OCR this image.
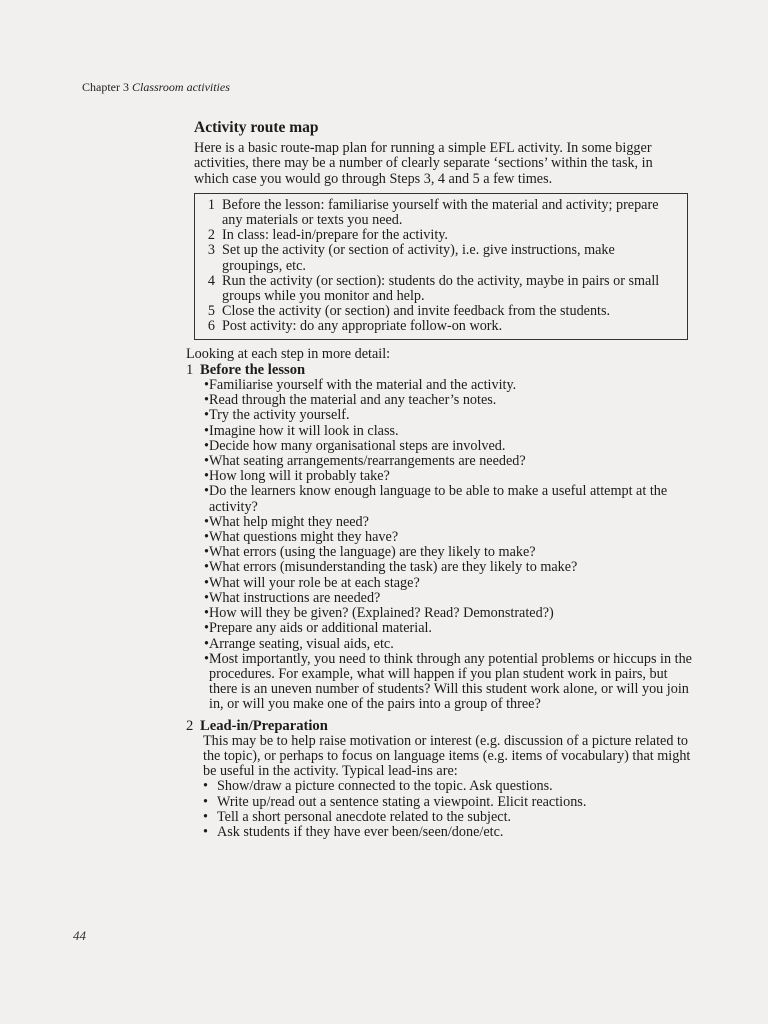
Chapter 3 Classroom activities
Activity route map

Here is a basic route-map plan for running a simple EFL activity. In some bigger activities, there may be a number of clearly separate ‘sections’ within the task, in which case you would go through Steps 3, 4 and 5 a few times.

1 Before the lesson: familiarise yourself with the material and activity; prepare any materials or texts you need.
2 In class: lead-in/prepare for the activity.
3 Set up the activity (or section of activity), i.e. give instructions, make groupings, etc.
4 Run the activity (or section): students do the activity, maybe in pairs or small groups while you monitor and help.
5 Close the activity (or section) and invite feedback from the students.
6 Post activity: do any appropriate follow-on work.

Looking at each step in more detail:

1 Before the lesson
• Familiarise yourself with the material and the activity.
• Read through the material and any teacher’s notes.
• Try the activity yourself.
• Imagine how it will look in class.
• Decide how many organisational steps are involved.
• What seating arrangements/rearrangements are needed?
• How long will it probably take?
• Do the learners know enough language to be able to make a useful attempt at the activity?
• What help might they need?
• What questions might they have?
• What errors (using the language) are they likely to make?
• What errors (misunderstanding the task) are they likely to make?
• What will your role be at each stage?
• What instructions are needed?
• How will they be given? (Explained? Read? Demonstrated?)
• Prepare any aids or additional material.
• Arrange seating, visual aids, etc.
• Most importantly, you need to think through any potential problems or hiccups in the procedures. For example, what will happen if you plan student work in pairs, but there is an uneven number of students? Will this student work alone, or will you join in, or will you make one of the pairs into a group of three?
2 Lead-in/Preparation
This may be to help raise motivation or interest (e.g. discussion of a picture related to the topic), or perhaps to focus on language items (e.g. items of vocabulary) that might be useful in the activity. Typical lead-ins are:
• Show/draw a picture connected to the topic. Ask questions.
• Write up/read out a sentence stating a viewpoint. Elicit reactions.
• Tell a short personal anecdote related to the subject.
• Ask students if they have ever been/seen/done/etc.
44
